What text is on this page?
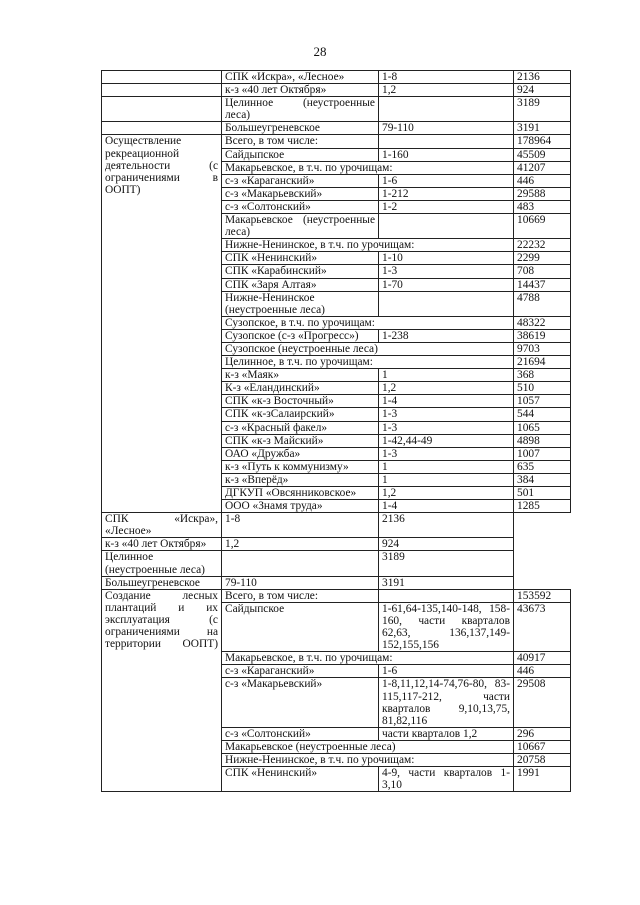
28
	СПК «Искра», «Лесное»	1-8	2136
	к-з «40 лет Октября»	1,2	924
	Целинное (неустроенные леса)		3189
	Большеугреневское	79-110	3191
Осуществление рекреационной деятельности (с ограничениями в ООПТ)	Всего, в том числе:		178964
	Сайдыпское	1-160	45509
	Макарьевское, в т.ч. по урочищам:		41207
	с-з «Караганский»	1-6	446
	с-з «Макарьевский»	1-212	29588
	с-з «Солтонский»	1-2	483
	Макарьевское (неустроенные леса)		10669
	Нижне-Ненинское, в т.ч. по урочищам:		22232
	СПК «Ненинский»	1-10	2299
	СПК «Карабинский»	1-3	708
	СПК «Заря Алтая»	1-70	14437
	Нижне-Ненинское (неустроенные леса)		4788
	Сузопское, в т.ч. по урочищам:		48322
	Сузопское (с-з «Прогресс»)	1-238	38619
	Сузопское (неустроенные леса)		9703
	Целинное, в т.ч. по урочищам:		21694
	к-з «Маяк»	1	368
	К-з «Еландинский»	1,2	510
	СПК «к-з Восточный»	1-4	1057
	СПК «к-зСалаирский»	1-3	544
	с-з «Красный факел»	1-3	1065
	СПК «к-з Майский»	1-42,44-49	4898
	ОАО «Дружба»	1-3	1007
	к-з «Путь к коммунизму»	1	635
	к-з «Вперёд»	1	384
	ДГКУП «Овсянниковское»	1,2	501
	ООО «Знамя труда»	1-4	1285
СПК «Искра», «Лесное»	1-8	2136	
к-з «40 лет Октября»	1,2	924	
Целинное (неустроенные леса)		3189	
Большеугреневское	79-110	3191	
Создание лесных плантаций и их эксплуатация (с ограничениями на территории ООПТ)	Всего, в том числе:		153592
	Сайдыпское	1-61,64-135,140-148, 158-160, части кварталов 62,63, 136,137,149-152,155,156	43673
	Макарьевское, в т.ч. по урочищам:		40917
	с-з «Караганский»	1-6	446
	с-з «Макарьевский»	1-8,11,12,14-74,76-80, 83-115,117-212, части кварталов 9,10,13,75, 81,82,116	29508
	с-з «Солтонский»	части кварталов 1,2	296
	Макарьевское (неустроенные леса)		10667
	Нижне-Ненинское, в т.ч. по урочищам:		20758
	СПК «Ненинский»	4-9, части кварталов 1-3,10	1991
